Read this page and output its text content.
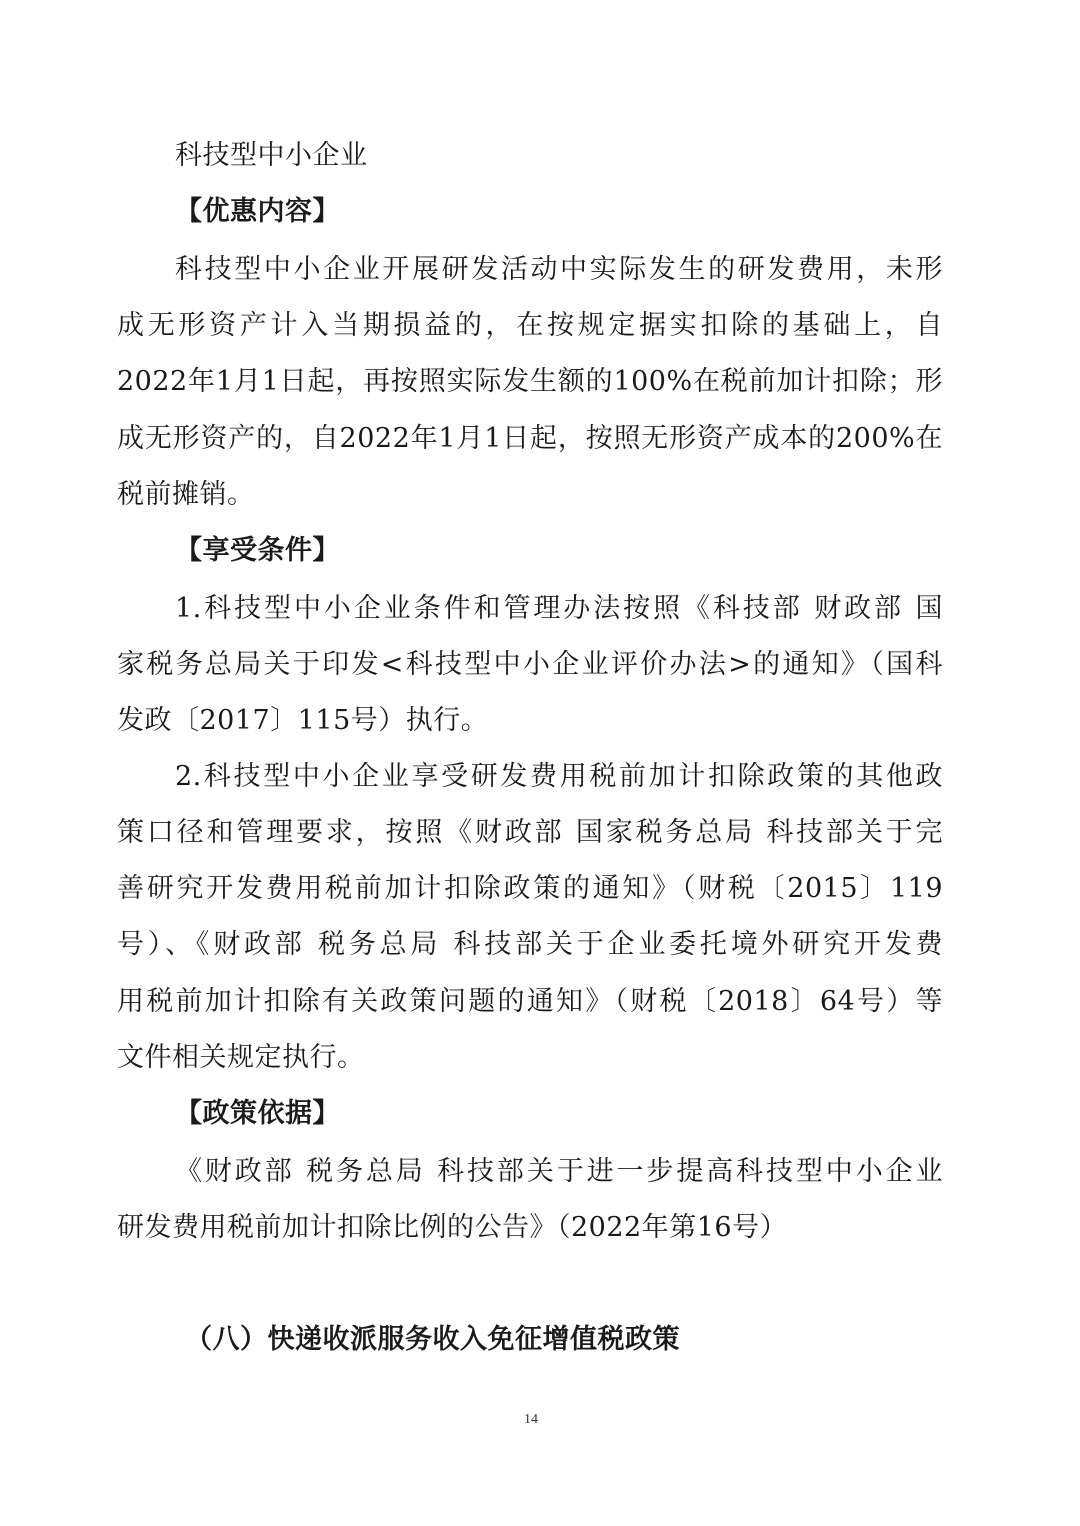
科技型中小企业
【优惠内容】
科技型中小企业开展研发活动中实际发生的研发费用，未形
成无形资产计入当期损益的，在按规定据实扣除的基础上，自
2022年1月1日起，再按照实际发生额的100%在税前加计扣除；形
成无形资产的，自2022年1月1日起，按照无形资产成本的200%在
税前摊销。
【享受条件】
1.科技型中小企业条件和管理办法按照《科技部 财政部 国
家税务总局关于印发<科技型中小企业评价办法>的通知》（国科
发政〔2017〕115号）执行。
2.科技型中小企业享受研发费用税前加计扣除政策的其他政
策口径和管理要求，按照《财政部 国家税务总局 科技部关于完
善研究开发费用税前加计扣除政策的通知》（财税〔2015〕119
号）、《财政部 税务总局 科技部关于企业委托境外研究开发费
用税前加计扣除有关政策问题的通知》（财税〔2018〕64号）等
文件相关规定执行。
【政策依据】
《财政部 税务总局 科技部关于进一步提高科技型中小企业
研发费用税前加计扣除比例的公告》（2022年第16号）
（八）快递收派服务收入免征增值税政策
14
